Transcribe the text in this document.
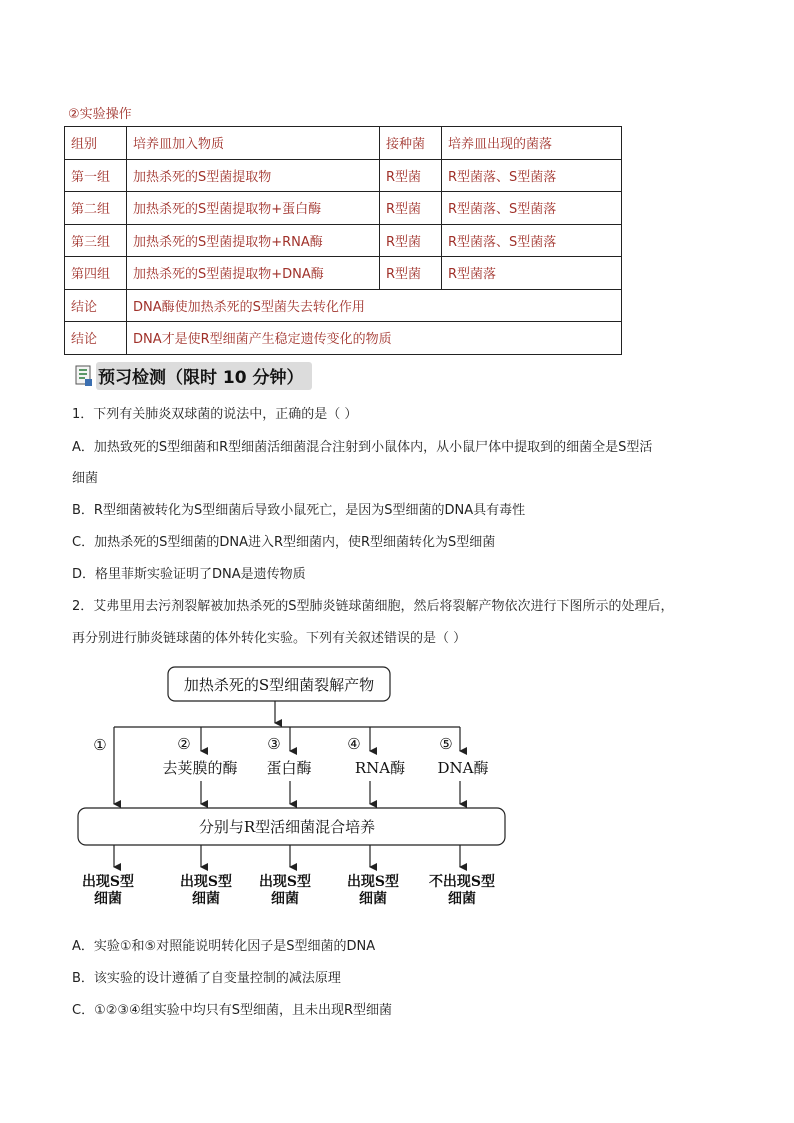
②实验操作
组别	培养皿加入物质	接种菌	培养皿出现的菌落
第一组	加热杀死的S型菌提取物	R型菌	R型菌落、S型菌落
第二组	加热杀死的S型菌提取物+蛋白酶	R型菌	R型菌落、S型菌落
第三组	加热杀死的S型菌提取物+RNA酶	R型菌	R型菌落、S型菌落
第四组	加热杀死的S型菌提取物+DNA酶	R型菌	R型菌落
结论	DNA酶使加热杀死的S型菌失去转化作用		
结论	DNA才是使R型细菌产生稳定遗传变化的物质		
预习检测（限时 10 分钟）
1．下列有关肺炎双球菌的说法中，正确的是（ ）
A．加热致死的S型细菌和R型细菌活细菌混合注射到小鼠体内，从小鼠尸体中提取到的细菌全是S型活
细菌
B．R型细菌被转化为S型细菌后导致小鼠死亡，是因为S型细菌的DNA具有毒性
C．加热杀死的S型细菌的DNA进入R型细菌内，使R型细菌转化为S型细菌
D．格里菲斯实验证明了DNA是遗传物质
2．艾弗里用去污剂裂解被加热杀死的S型肺炎链球菌细胞，然后将裂解产物依次进行下图所示的处理后，
再分别进行肺炎链球菌的体外转化实验。下列有关叙述错误的是（ ）
加热杀死的S型细菌裂解产物
①	②
去荚膜的酶
③
蛋白酶
④
RNA酶
⑤
DNA酶
分别与R型活细菌混合培养
出现S型
细菌
出现S型
细菌
出现S型
细菌
出现S型
细菌
不出现S型
细菌
A．实验①和⑤对照能说明转化因子是S型细菌的DNA
B．该实验的设计遵循了自变量控制的减法原理
C．①②③④组实验中均只有S型细菌，且未出现R型细菌
